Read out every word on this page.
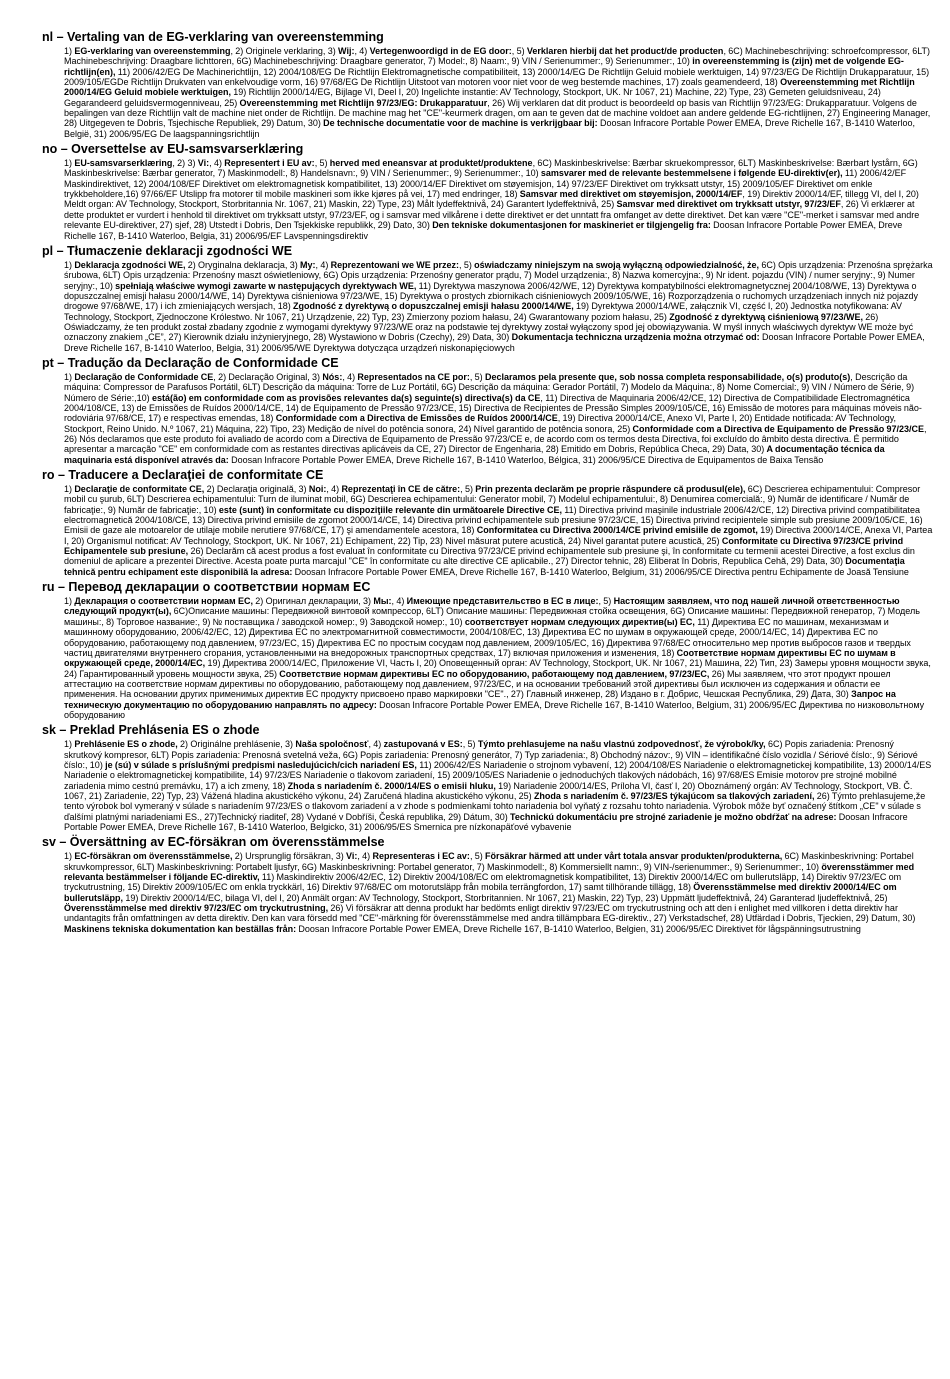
nl – Vertaling van de EG-verklaring van overeenstemming
1) EG-verklaring van overeenstemming, 2) Originele verklaring, 3) Wij:, 4) Vertegenwoordigd in de EG door:, 5) Verklaren hierbij dat het product/de producten, 6C) Machinebeschrijving: schroefcompressor, 6LT) Machinebeschrijving: Draagbare lichttoren, 6G) Machinebeschrijving: Draagbare generator, 7) Model:, 8) Naam:, 9) VIN / Serienummer:, 9) Serienummer:, 10) in overeenstemming is (zijn) met de volgende EG-richtlijn(en), 11) 2006/42/EG De Machinerichtlijn, 12) 2004/108/EG De Richtlijn Elektromagnetische compatibiliteit, 13) 2000/14/EG De Richtlijn Geluid mobiele werktuigen, 14) 97/23/EG De Richtlijn Drukapparatuur, 15) 2009/105/EGDe Richtlijn Drukvaten van enkelvoudige vorm, 16) 97/68/EG De Richtlijn Uitstoot van motoren voor niet voor de weg bestemde machines, 17) zoals geamendeerd, 18) Overeenstemming met Richtlijn 2000/14/EG Geluid mobiele werktuigen, 19) Richtlijn 2000/14/EG, Bijlage VI, Deel I, 20) Ingelichte instantie: AV Technology, Stockport, UK. Nr 1067, 21) Machine, 22) Type, 23) Gemeten geluidsniveau, 24) Gegarandeerd geluidsvermogenniveau, 25) Overeenstemming met Richtlijn 97/23/EG: Drukapparatuur, 26) Wij verklaren dat dit product is beoordeeld op basis van Richtlijn 97/23/EG: Drukapparatuur. Volgens de bepalingen van deze Richtlijn valt de machine niet onder de Richtlijn. De machine mag het "CE"-keurmerk dragen, om aan te geven dat de machine voldoet aan andere geldende EG-richtlijnen, 27) Engineering Manager, 28) Uitgegeven te Dobris, Tsjechische Republiek, 29) Datum, 30) De technische documentatie voor de machine is verkrijgbaar bij: Doosan Infracore Portable Power EMEA, Dreve Richelle 167, B-1410 Waterloo, België, 31) 2006/95/EG De laagspanningsrichtlijn
no – Oversettelse av EU-samsvarserklæring
1) EU-samsvarserklæring, 2) 3) Vi:, 4) Representert i EU av:, 5) herved med eneansvar at produktet/produktene, 6C) Maskinbeskrivelse: Bærbar skruekompressor, 6LT) Maskinbeskrivelse: Bærbart lystårn, 6G) Maskinbeskrivelse: Bærbar generator, 7) Maskinmodell:, 8) Handelsnavn:, 9) VIN / Serienummer:, 9) Serienummer:, 10) samsvarer med de relevante bestemmelsene i følgende EU-direktiv(er), 11) 2006/42/EF Maskindirektivet, 12) 2004/108/EF Direktivet om elektromagnetisk kompatibilitet, 13) 2000/14/EF Direktivet om støyemisjon, 14) 97/23/EF Direktivet om trykksatt utstyr, 15) 2009/105/EF Direktivet om enkle trykkbeholdere,16) 97/66/EF Utslipp fra motorer til mobile maskineri som ikke kjøres på vei, 17) med endringer, 18) Samsvar med direktivet om støyemisjon, 2000/14/EF, 19) Direktiv 2000/14/EF, tillegg VI, del I, 20) Meldt organ: AV Technology, Stockport, Storbritannia Nr. 1067, 21) Maskin, 22) Type, 23) Målt lydeffektnivå, 24) Garantert lydeffektnivå, 25) Samsvar med direktivet om trykksatt utstyr, 97/23/EF, 26) Vi erklærer at dette produktet er vurdert i henhold til direktivet om trykksatt utstyr, 97/23/EF, og i samsvar med vilkårene i dette direktivet er det unntatt fra omfanget av dette direktivet. Det kan være "CE"-merket i samsvar med andre relevante EU-direktiver, 27) sjef, 28) Utstedt i Dobris, Den Tsjekkiske republikk, 29) Dato, 30) Den tekniske dokumentasjonen for maskineriet er tilgjengelig fra: Doosan Infracore Portable Power EMEA, Dreve Richelle 167, B-1410 Waterloo, Belgia, 31) 2006/95/EF Lavspenningsdirektiv
pl – Tłumaczenie deklaracji zgodności WE
1) Deklaracja zgodności WE, 2) Oryginalna deklaracja, 3) My:, 4) Reprezentowani we WE przez:, 5) oświadczamy niniejszym na swoją wyłączną odpowiedzialność, że, 6C) Opis urządzenia: Przenośna sprężarka śrubowa, 6LT) Opis urządzenia: Przenośny maszt oświetleniowy, 6G) Opis urządzenia: Przenośny generator prądu, 7) Model urządzenia:, 8) Nazwa komercyjna:, 9) Nr ident. pojazdu (VIN) / numer seryjny:, 9) Numer seryjny:, 10) spełniają właściwe wymogi zawarte w następujących dyrektywach WE, 11) Dyrektywa maszynowa 2006/42/WE, 12) Dyrektywa kompatybilności elektromagnetycznej 2004/108/WE, 13) Dyrektywa o dopuszczalnej emisji hałasu 2000/14/WE, 14) Dyrektywa ciśnieniowa 97/23/WE, 15) Dyrektywa o prostych zbiornikach ciśnieniowych 2009/105/WE, 16) Rozporządzenia o ruchomych urządzeniach innych niż pojazdy drogowe 97/68/WE, 17) i ich zmieniających wersjach, 18) Zgodność z dyrektywą o dopuszczalnej emisji hałasu 2000/14/WE, 19) Dyrektywa 2000/14/WE, załącznik VI, część I, 20) Jednostka notyfikowana: AV Technology, Stockport, Zjednoczone Królestwo. Nr 1067, 21) Urządzenie, 22) Typ, 23) Zmierzony poziom hałasu, 24) Gwarantowany poziom hałasu, 25) Zgodność z dyrektywą ciśnieniową 97/23/WE, 26) Oświadczamy, że ten produkt został zbadany zgodnie z wymogami dyrektywy 97/23/WE oraz na podstawie tej dyrektywy został wyłączony spod jej obowiązywania. W myśl innych właściwych dyrektyw WE może być oznaczony znakiem „CE”, 27) Kierownik działu inżynieryjnego, 28) Wystawiono w Dobris (Czechy), 29) Data, 30) Dokumentacja techniczna urządzenia można otrzymać od: Doosan Infracore Portable Power EMEA, Dreve Richelle 167, B-1410 Waterloo, Belgia, 31) 2006/95/WE Dyrektywa dotycząca urządzeń niskonapięciowych
pt – Tradução da Declaração de Conformidade CE
1) Declaração de Conformidade CE, 2) Declaração Original, 3) Nós:, 4) Representados na CE por:, 5) Declaramos pela presente que, sob nossa completa responsabilidade, o(s) produto(s), Descrição da máquina: Compressor de Parafusos Portátil, 6LT) Descrição da máquina: Torre de Luz Portátil, 6G) Descrição da máquina: Gerador Portátil, 7) Modelo da Máquina:, 8) Nome Comercial:, 9) VIN / Número de Série, 9) Número de Série:,10) está(ão) em conformidade com as provisões relevantes da(s) seguinte(s) directiva(s) da CE, 11) Directiva de Maquinaria 2006/42/CE, 12) Directiva de Compatibilidade Electromagnética 2004/108/CE, 13) de Emissões de Ruídos 2000/14/CE, 14) de Equipamento de Pressão 97/23/CE, 15) Directiva de Recipientes de Pressão Simples 2009/105/CE, 16) Emissão de motores para máquinas móveis não-rodoviária 97/68/CE, 17) e respectivas emendas, 18) Conformidade com a Directiva de Emissões de Ruídos 2000/14/CE, 19) Directiva 2000/14/CE, Anexo VI, Parte I, 20) Entidade notificada: AV Technology, Stockport, Reino Unido. N.º 1067, 21) Máquina, 22) Tipo, 23) Medição de nível do potência sonora, 24) Nível garantido de potência sonora, 25) Conformidade com a Directiva de Equipamento de Pressão 97/23/CE, 26) Nós declaramos que este produto foi avaliado de acordo com a Directiva de Equipamento de Pressão 97/23/CE e, de acordo com os termos desta Directiva, foi excluído do âmbito desta directiva. É permitido apresentar a marcação "CE" em conformidade com as restantes directivas aplicáveis da CE, 27) Director de Engenharia, 28) Emitido em Dobris, República Checa, 29) Data, 30) A documentação técnica da maquinaria está disponível através da: Doosan Infracore Portable Power EMEA, Dreve Richelle 167, B-1410 Waterloo, Bélgica, 31) 2006/95/CE Directiva de Equipamentos de Baixa Tensão
ro – Traducere a Declaraţiei de conformitate CE
1) Declaraţie de conformitate CE, 2) Declaraţia originală, 3) Noi:, 4) Reprezentaţi în CE de către:, 5) Prin prezenta declarăm pe proprie răspundere că produsul(ele), 6C) Descrierea echipamentului: Compresor mobil cu şurub, 6LT) Descrierea echipamentului: Turn de iluminat mobil, 6G) Descrierea echipamentului: Generator mobil, 7) Modelul echipamentului:, 8) Denumirea comercială:, 9) Număr de identificare / Număr de fabricaţie:, 9) Număr de fabricaţie:, 10) este (sunt) în conformitate cu dispoziţiile relevante din următoarele Directive CE, 11) Directiva privind maşinile industriale 2006/42/CE, 12) Directiva privind compatibilitatea electromagnetică 2004/108/CE, 13) Directiva privind emisiile de zgomot 2000/14/CE, 14) Directiva privind echipamentele sub presiune 97/23/CE, 15) Directiva privind recipientele simple sub presiune 2009/105/CE, 16) Emisii de gaze ale motoarelor de utilaje mobile nerutiere 97/68/CE, 17) şi amendamentele acestora, 18) Conformitatea cu Directiva 2000/14/CE privind emisiile de zgomot, 19) Directiva 2000/14/CE, Anexa VI, Partea I, 20) Organismul notificat: AV Technology, Stockport, UK. Nr 1067, 21) Echipament, 22) Tip, 23) Nivel măsurat putere acustică, 24) Nivel garantat putere acustică, 25) Conformitate cu Directiva 97/23/CE privind Echipamentele sub presiune, 26) Declarăm că acest produs a fost evaluat în conformitate cu Directiva 97/23/CE privind echipamentele sub presiune şi, în conformitate cu termenii acestei Directive, a fost exclus din domeniul de aplicare a prezentei Directive. Acesta poate purta marcajul "CE" în conformitate cu alte directive CE aplicabile., 27) Director tehnic, 28) Eliberat în Dobris, Republica Cehă, 29) Data, 30) Documentaţia tehnică pentru echipament este disponibilă la adresa: Doosan Infracore Portable Power EMEA, Dreve Richelle 167, B-1410 Waterloo, Belgium, 31) 2006/95/CE Directiva pentru Echipamente de Joasă Tensiune
ru – Перевод декларации о соответствии нормам ЕС
1) Декларация о соответствии нормам ЕС, 2) Оригинал декларации, 3) Мы:, 4) Имеющие представительство в ЕС в лице:, 5) Настоящим заявляем, что под нашей личной ответственностью следующий продукт(ы), 6C)Описание машины: Передвижной винтовой компрессор, 6LT) Описание машины: Передвижная стойка освещения, 6G) Описание машины: Передвижной генератор, 7) Модель машины:, 8) Торговое название:, 9) № поставщика / заводской номер:, 9) Заводской номер:, 10) соответствует нормам следующих директив(ы) ЕС, 11) Директива ЕС по машинам, механизмам и машинному оборудованию, 2006/42/EC, 12) Директива ЕС по электромагнитной совместимости, 2004/108/EC, 13) Директива ЕС по шумам в окружающей среде, 2000/14/EC, 14) Директива ЕС по оборудованию, работающему под давлением, 97/23/EC, 15) Директива ЕС по простым сосудам под давлением, 2009/105/EC, 16) Директива 97/68/EC относительно мер против выбросов газов и твердых частиц двигателями внутреннего сгорания, установленными на внедорожных транспортных средствах, 17) включая приложения и изменения, 18) Соответствие нормам директивы ЕС по шумам в окружающей среде, 2000/14/EC, 19) Директива 2000/14/EC, Приложение VI, Часть I, 20) Оповещенный орган: AV Technology, Stockport, UK. Nr 1067, 21) Машина, 22) Тип, 23) Замеры уровня мощности звука, 24) Гарантированный уровень мощности звука, 25) Соответствие нормам директивы ЕС по оборудованию, работающему под давлением, 97/23/EC, 26) Мы заявляем, что этот продукт прошел аттестацию на соответствие нормам директивы по оборудованию, работающему под давлением, 97/23/EC, и на основании требований этой директивы был исключен из содержания и области ее применения. На основании других применимых директив ЕС продукту присвоено право маркировки "CE"., 27) Главный инженер, 28) Издано в г. Добрис, Чешская Республика, 29) Дата, 30) Запрос на техническую документацию по оборудованию направлять по адресу: Doosan Infracore Portable Power EMEA, Dreve Richelle 167, B-1410 Waterloo, Belgium, 31) 2006/95/EC Директива по низковольтному оборудованию
sk – Preklad Prehlásenia ES o zhode
1) Prehlásenie ES o zhode, 2) Originálne prehlásenie, 3) Naša spoločnosť, 4) zastupovaná v ES:, 5) Týmto prehlasujeme na našu vlastnú zodpovednosť, že výrobok/ky, 6C) Popis zariadenia: Prenosný skrutkový kompresor, 6LT) Popis zariadenia: Prenosná svetelná veža, 6G) Popis zariadenia: Prenosný generátor, 7) Typ zariadenia:, 8) Obchodný názov:, 9) VIN – identifikačné číslo vozidla / Sériové číslo:, 9) Sériové číslo:, 10) je (sú) v súlade s príslušnými predpismi nasledujúcich/cich nariadení ES, 11) 2006/42/ES Nariadenie o strojnom vybavení, 12) 2004/108/ES Nariadenie o elektromagnetickej kompatibilite, 13) 2000/14/ES Nariadenie o elektromagnetickej kompatibilite, 14) 97/23/ES Nariadenie o tlakovom zariadení, 15) 2009/105/ES Nariadenie o jednoduchých tlakových nádobách, 16) 97/68/ES Emisie motorov pre strojné mobilné zariadenia mimo cestnú premávku, 17) a ich zmeny, 18) Zhoda s nariadením č. 2000/14/ES o emisii hluku, 19) Nariadenie 2000/14/ES, Príloha VI, časť I, 20) Oboznámený orgán: AV Technology, Stockport, VB. Č. 1067, 21) Zariadenie, 22) Typ, 23) Vážená hladina akustického výkonu, 24) Zaručená hladina akustického výkonu, 25) Zhoda s nariadením č. 97/23/ES týkajúcom sa tlakových zariadení, 26) Týmto prehlasujeme,že tento výrobok bol vymeraný v súlade s nariadením 97/23/ES o tlakovom zariadení a v zhode s podmienkami tohto nariadenia bol vyňatý z rozsahu tohto nariadenia. Výrobok môže byť označený štítkom „CE" v súlade s ďalšími platnými nariadeniami ES., 27)Technický riaditeľ, 28) Vydané v Dobříši, Česká republika, 29) Dátum, 30) Technickú dokumentáciu pre strojné zariadenie je možno obdŕžať na adrese: Doosan Infracore Portable Power EMEA, Dreve Richelle 167, B-1410 Waterloo, Belgicko, 31) 2006/95/ES Smernica pre nízkonapäťové vybavenie
sv – Översättning av EC-försäkran om överensstämmelse
1) EC-försäkran om överensstämmelse, 2) Ursprunglig försäkran, 3) Vi:, 4) Representeras i EC av:, 5) Försäkrar härmed att under vårt totala ansvar produkten/produkterna, 6C) Maskinbeskrivning: Portabel skruvkompressor, 6LT) Maskinbeskrivning: Portabelt ljusfyr, 6G) Maskinbeskrivning: Portabel generator, 7) Maskinmodell:, 8) Kommersiellt namn:, 9) VIN-/serienummer:, 9) Serienummer:, 10) överensstämmer med relevanta bestämmelser i följande EC-direktiv, 11) Maskindirektiv 2006/42/EC, 12) Direktiv 2004/108/EC om elektromagnetisk kompatibilitet, 13) Direktiv 2000/14/EC om bullerutsläpp, 14) Direktiv 97/23/EC om tryckutrustning, 15) Direktiv 2009/105/EC om enkla tryckkärl, 16) Direktiv 97/68/EC om motorutsläpp från mobila terrängfordon, 17) samt tillhörande tillägg, 18) Överensstämmelse med direktiv 2000/14/EC om bullerutsläpp, 19) Direktiv 2000/14/EC, bilaga VI, del I, 20) Anmält organ: AV Technology, Stockport, Storbritannien. Nr 1067, 21) Maskin, 22) Typ, 23) Uppmätt ljudeffektnivå, 24) Garanterad ljudeffektnivå, 25) Överensstämmelse med direktiv 97/23/EC om tryckutrustning, 26) Vi försäkrar att denna produkt har bedömts enligt direktiv 97/23/EC om tryckutrustning och att den i enlighet med villkoren i detta direktiv har undantagits från omfattningen av detta direktiv. Den kan vara försedd med "CE"-märkning för överensstämmelse med andra tillämpbara EG-direktiv., 27) Verkstadschef, 28) Utfärdad i Dobris, Tjeckien, 29) Datum, 30) Maskinens tekniska dokumentation kan beställas från: Doosan Infracore Portable Power EMEA, Dreve Richelle 167, B-1410 Waterloo, Belgien, 31) 2006/95/EC Direktivet för lågspänningsutrustning
